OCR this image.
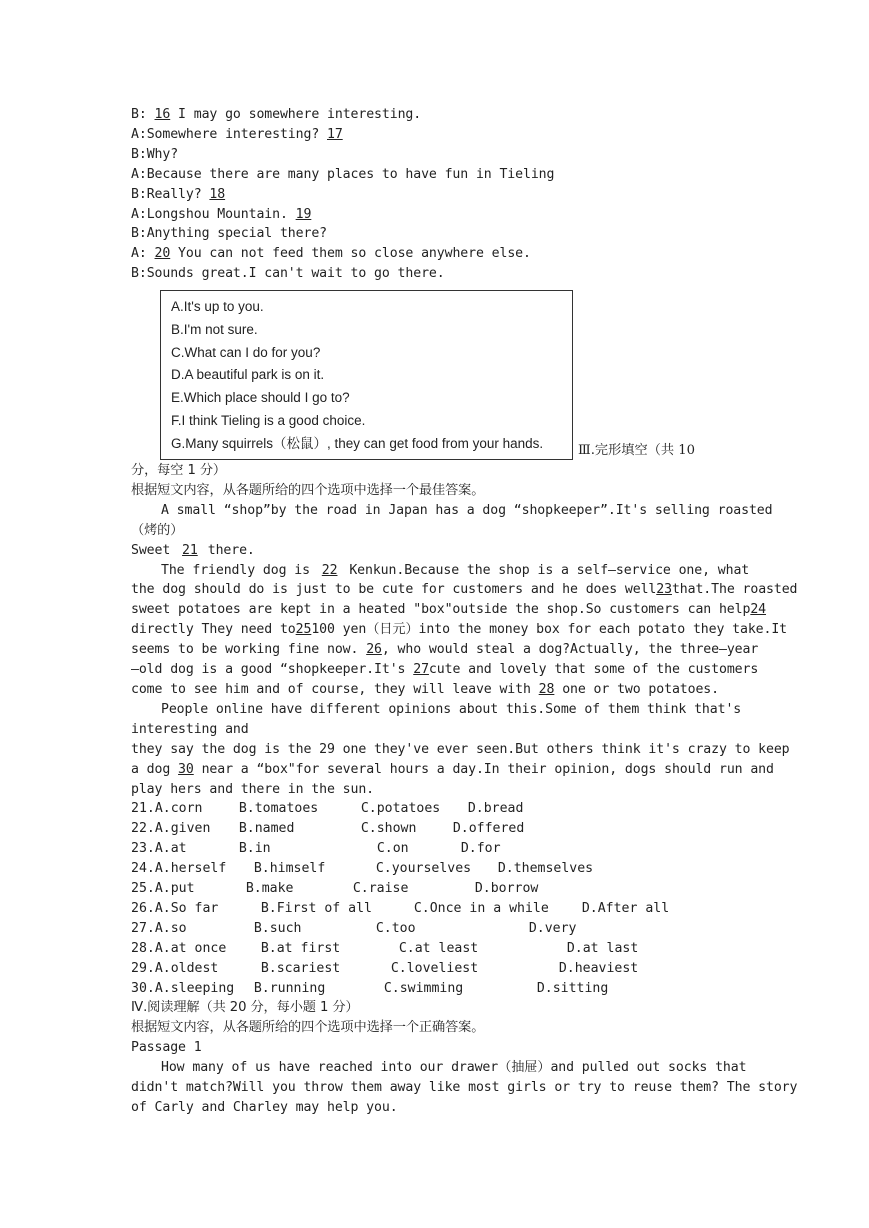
B: 16 I may go somewhere interesting.
A:Somewhere interesting? 17
B:Why?
A:Because there are many places to have fun in Tieling
B:Really? 18
A:Longshou Mountain. 19
B:Anything special there?
A: 20 You can not feed them so close anywhere else.
B:Sounds great.I can't wait to go there.
A.It's up to you.
B.I'm not sure.
C.What can I do for you?
D.A beautiful park is on it.
E.Which place should I go to?
F.I think Tieling is a good choice.
G.Many squirrels（松鼠）, they can get food from your hands.	Ⅲ.完形填空（共 10
分，每空 1 分）
根据短文内容，从各题所给的四个选项中选择一个最佳答案。
A small “shop”by the road in Japan has a dog “shopkeeper”.It's selling roasted
（烤的）
Sweet 21 there.
The friendly dog is 22 Kenkun.Because the shop is a self—service one, what
the dog should do is just to be cute for customers and he does well23that.The roasted
sweet potatoes are kept in a heated "box"outside the shop.So customers can help24
directly They need to25100 yen（日元）into the money box for each potato they take.It
seems to be working fine now. 26, who would steal a dog?Actually, the three—year
—old dog is a good “shopkeeper.It's 27cute and lovely that some of the customers
come to see him and of course, they will leave with 28 one or two potatoes.
People online have different opinions about this.Some of them think that's
interesting and
they say the dog is the 29 one they've ever seen.But others think it's crazy to keep
a dog 30 near a “box"for several hours a day.In their opinion, dogs should run and
play hers and there in the sun.
21. A.corn	B.tomatoes	C.potatoes	D.bread
22. A.given	B.named	C.shown	D.offered
23. A.at	B.in	C.on	D.for
24. A.herself	B.himself	C.yourselves	D.themselves
25. A.put	B.make	C.raise	D.borrow
26. A.So far	B.First of all	C.Once in a while	D.After all
27. A.so	B.such	C.too	D.very
28. A.at once	B.at first	C.at least	D.at last
29. A.oldest	B.scariest	C.loveliest	D.heaviest
30. A.sleeping	B.running	C.swimming	D.sitting
Ⅳ.阅读理解（共 20 分，每小题 1 分）
根据短文内容，从各题所给的四个选项中选择一个正确答案。
Passage 1
How many of us have reached into our drawer（抽屉）and pulled out socks that
didn't match?Will you throw them away like most girls or try to reuse them? The story
of Carly and Charley may help you.
